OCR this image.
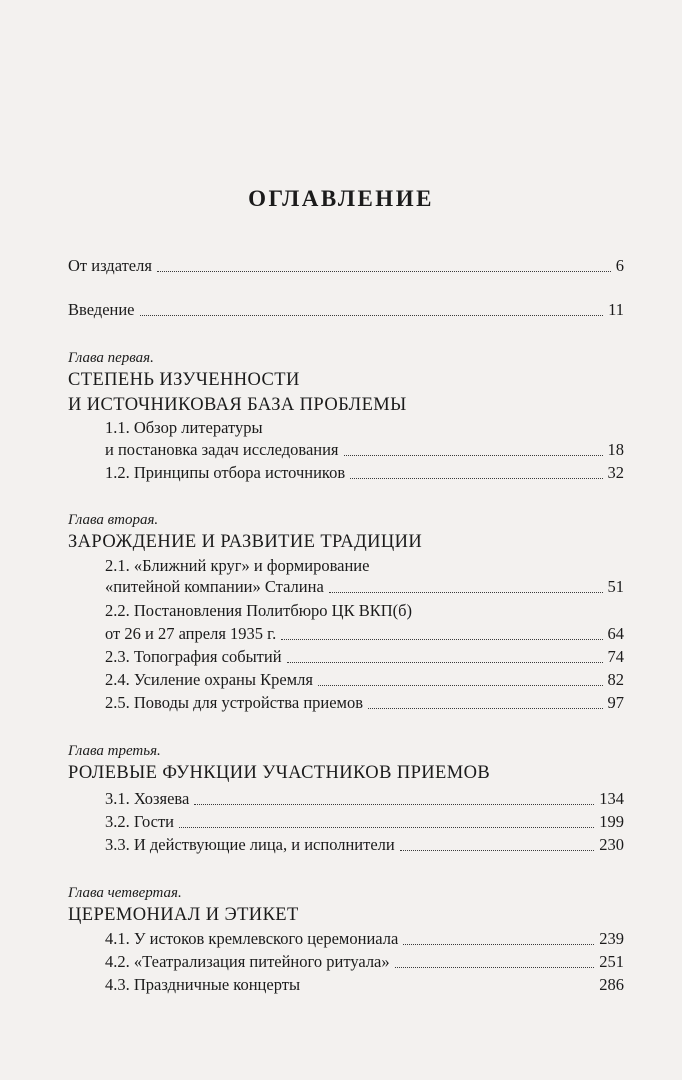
ОГЛАВЛЕНИЕ
От издателя	6
Введение	11
Глава первая.
СТЕПЕНЬ ИЗУЧЕННОСТИ
И ИСТОЧНИКОВАЯ БАЗА ПРОБЛЕМЫ
1.1. Обзор литературы
и постановка задач исследования	18
1.2. Принципы отбора источников	32
Глава вторая.
ЗАРОЖДЕНИЕ И РАЗВИТИЕ ТРАДИЦИИ
2.1. «Ближний круг» и формирование
«питейной компании» Сталина	51
2.2. Постановления Политбюро ЦК ВКП(б)
от 26 и 27 апреля 1935 г.	64
2.3. Топография событий	74
2.4. Усиление охраны Кремля	82
2.5. Поводы для устройства приемов	97
Глава третья.
РОЛЕВЫЕ ФУНКЦИИ УЧАСТНИКОВ ПРИЕМОВ
3.1. Хозяева	134
3.2. Гости	199
3.3. И действующие лица, и исполнители	230
Глава четвертая.
ЦЕРЕМОНИАЛ И ЭТИКЕТ
4.1. У истоков кремлевского церемониала	239
4.2. «Театрализация питейного ритуала»	251
4.3. Праздничные концерты	286
